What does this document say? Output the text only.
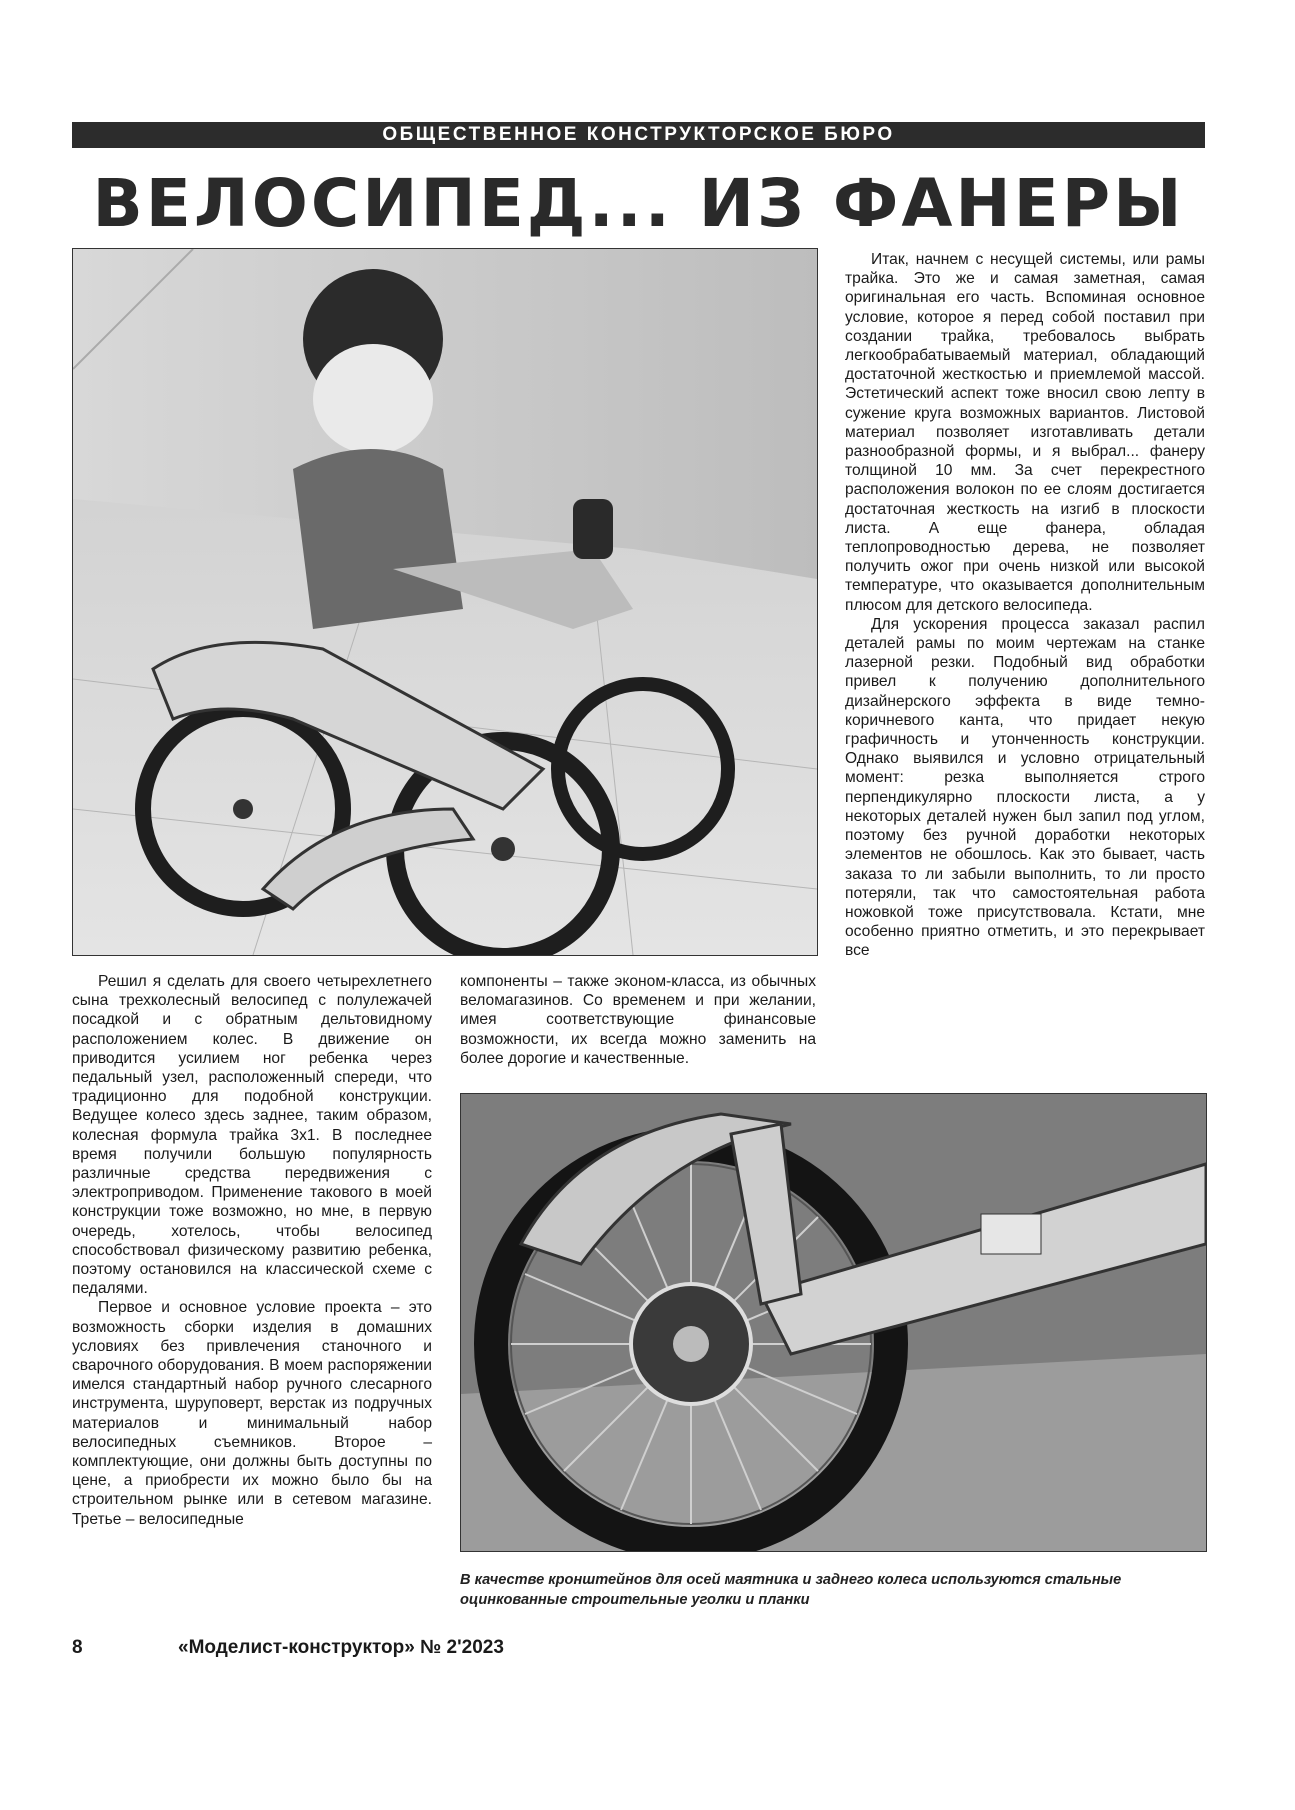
ОБЩЕСТВЕННОЕ КОНСТРУКТОРСКОЕ БЮРО
ВЕЛОСИПЕД... ИЗ ФАНЕРЫ

Итак, начнем с несущей системы, или рамы трайка. Это же и самая заметная, самая оригинальная его часть. Вспоминая основное условие, которое я перед собой поставил при создании трайка, требовалось выбрать легкообрабатываемый материал, обладающий достаточной жесткостью и приемлемой массой. Эстетический аспект тоже вносил свою лепту в сужение круга возможных вариантов. Листовой материал позволяет изготавливать детали разнообразной формы, и я выбрал... фанеру толщиной 10 мм. За счет перекрестного расположения волокон по ее слоям достигается достаточная жесткость на изгиб в плоскости листа. А еще фанера, обладая теплопроводностью дерева, не позволяет получить ожог при очень низкой или высокой температуре, что оказывается дополнительным плюсом для детского велосипеда.

Для ускорения процесса заказал распил деталей рамы по моим чертежам на станке лазерной резки. Подобный вид обработки привел к получению дополнительного дизайнерского эффекта в виде темно-коричневого канта, что придает некую графичность и утонченность конструкции. Однако выявился и условно отрицательный момент: резка выполняется строго перпендикулярно плоскости листа, а у некоторых деталей нужен был запил под углом, поэтому без ручной доработки некоторых элементов не обошлось. Как это бывает, часть заказа то ли забыли выполнить, то ли просто потеряли, так что самостоятельная работа ножовкой тоже присутствовала. Кстати, мне особенно приятно отметить, и это перекрывает все

Решил я сделать для своего четырехлетнего сына трехколесный велосипед с полулежачей посадкой и с обратным дельтовидному расположением колес. В движение он приводится усилием ног ребенка через педальный узел, расположенный спереди, что традиционно для подобной конструкции. Ведущее колесо здесь заднее, таким образом, колесная формула трайка 3х1. В последнее время получили большую популярность различные средства передвижения с электроприводом. Применение такового в моей конструкции тоже возможно, но мне, в первую очередь, хотелось, чтобы велосипед способствовал физическому развитию ребенка, поэтому остановился на классической схеме с педалями.

Первое и основное условие проекта – это возможность сборки изделия в домашних условиях без привлечения станочного и сварочного оборудования. В моем распоряжении имелся стандартный набор ручного слесарного инструмента, шуруповерт, верстак из подручных материалов и минимальный набор велосипедных съемников. Второе – комплектующие, они должны быть доступны по цене, а приобрести их можно было бы на строительном рынке или в сетевом магазине. Третье – велосипедные

компоненты – также эконом-класса, из обычных веломагазинов. Со временем и при желании, имея соответствующие финансовые возможности, их всегда можно заменить на более дорогие и качественные.

В качестве кронштейнов для осей маятника и заднего колеса используются стальные оцинкованные строительные уголки и планки
8	«Моделист-конструктор» № 2'2023
